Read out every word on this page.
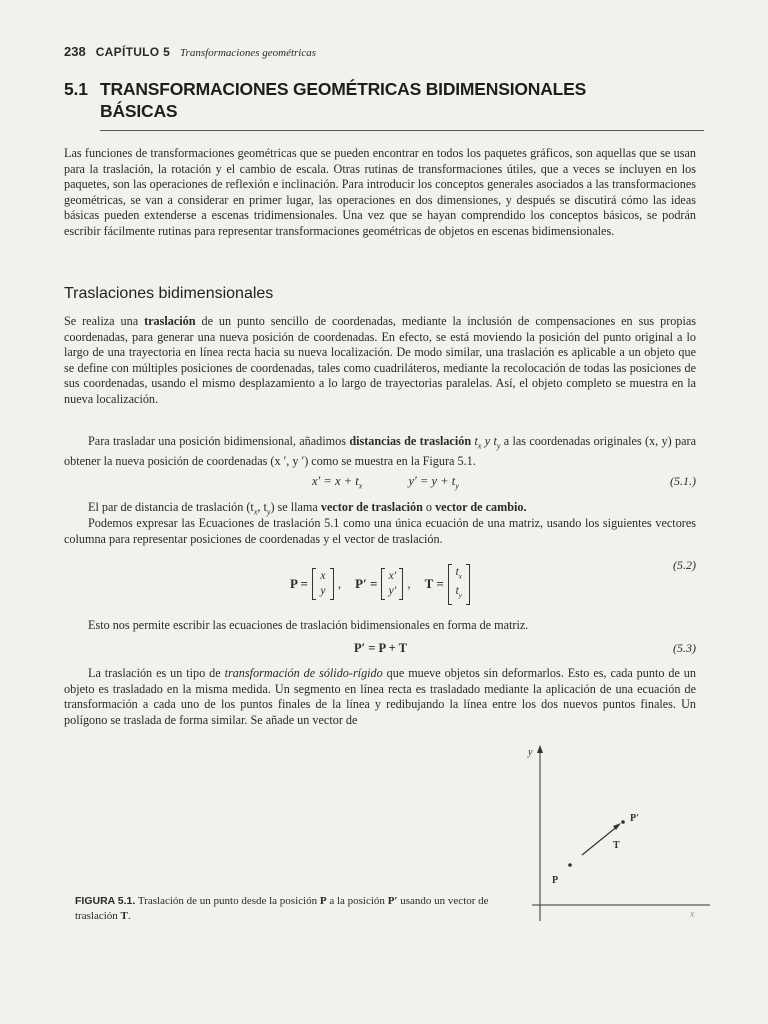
238 CAPÍTULO 5 Transformaciones geométricas
5.1 TRANSFORMACIONES GEOMÉTRICAS BIDIMENSIONALES
BÁSICAS

Las funciones de transformaciones geométricas que se pueden encontrar en todos los paquetes gráficos, son aquellas que se usan para la traslación, la rotación y el cambio de escala. Otras rutinas de transformaciones útiles, que a veces se incluyen en los paquetes, son las operaciones de reflexión e inclinación. Para introducir los conceptos generales asociados a las transformaciones geométricas, se van a considerar en primer lugar, las operaciones en dos dimensiones, y después se discutirá cómo las ideas básicas pueden extenderse a escenas tridimensionales. Una vez que se hayan comprendido los conceptos básicos, se podrán escribir fácilmente rutinas para representar transformaciones geométricas de objetos en escenas bidimensionales.

Traslaciones bidimensionales

Se realiza una traslación de un punto sencillo de coordenadas, mediante la inclusión de compensaciones en sus propias coordenadas, para generar una nueva posición de coordenadas. En efecto, se está moviendo la posición del punto original a lo largo de una trayectoria en línea recta hacia su nueva localización. De modo similar, una traslación es aplicable a un objeto que se define con múltiples posiciones de coordenadas, tales como cuadriláteros, mediante la recolocación de todas las posiciones de sus coordenadas, usando el mismo desplazamiento a lo largo de trayectorias paralelas. Así, el objeto completo se muestra en la nueva localización.

Para trasladar una posición bidimensional, añadimos distancias de traslación $t_x$ y $t_y$ a las coordenadas originales (x, y) para obtener la nueva posición de coordenadas (x ′, y ′) como se muestra en la Figura 5.1.

$x' = x + t_x$	$y' = y + t_y$	(5.1.)

El par de distancia de traslación ($t_x$, $t_y$) se llama vector de traslación o vector de cambio.

Podemos expresar las Ecuaciones de traslación 5.1 como una única ecuación de una matriz, usando los siguientes vectores columna para representar posiciones de coordenadas y el vector de traslación.

P = x
y , P′ = x′
y′ , T =
$t_x$
$t_y$
(5.2)

Esto nos permite escribir las ecuaciones de traslación bidimensionales en forma de matriz.

P′ = P + T	(5.3)

La traslación es un tipo de transformación de sólido-rígido que mueve objetos sin deformarlos. Esto es, cada punto de un objeto es trasladado en la misma medida. Un segmento en línea recta es trasladado mediante la aplicación de una ecuación de transformación a cada uno de los puntos finales de la línea y redibujando la línea entre los dos nuevos puntos finales. Un polígono se traslada de forma similar. Se añade un vector de

y
x
P
P′
T
FIGURA 5.1. Traslación de un punto desde la posición P a la posición P′ usando un vector de traslación T.
